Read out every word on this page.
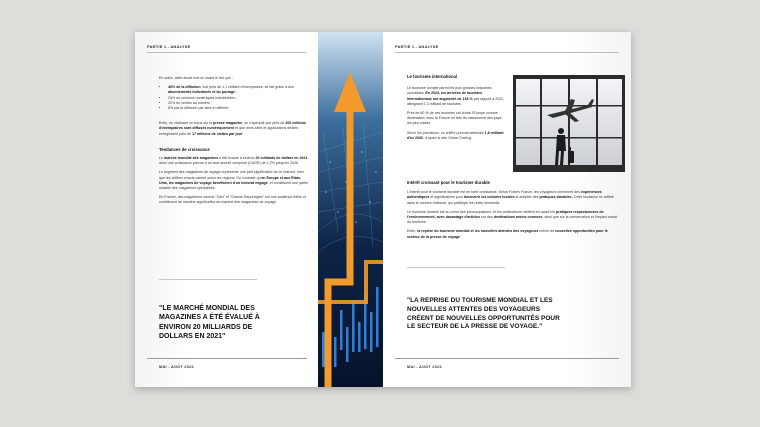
PARTIE 1 - ANALYSE

En outre, cette étude met en avant le fait que :

• 46% de la diffusion, soit près de 1,1 milliard d'exemplaires, se fait grâce à des abonnements individuels et du portage ;
• 24% en versions numériques individuelles ;
• 22% en ventes au numéro ;
• 8% par la diffusion par tiers et différée.

Enfin, en réalisant un focus sur la presse magazine, on s'aperçoit que près de 200 millions d'exemplaires sont diffusés numériquement et que leurs sites et applications dédiés enregistrent près de 17 millions de visites par jour.

Tendances de croissance

Le marché mondial des magazines a été évalué à environ 20 milliards de dollars en 2021, avec une croissance prévue à un taux annuel composé (CAGR) de 1,2% jusqu'en 2026.

Le segment des magazines de voyage représente une part significative de ce marché, bien que les chiffres exacts varient selon les régions. On constate qu'en Europe et aux États-Unis, les magazines de voyage bénéficient d'un lectorat engagé, et constituent une partie notable des magazines spécialisés.

En France, des magazines comme "Géo" et "Grands Reportages" ont une audience fidèle et contribuent de manière significative au marché des magazines de voyage.

"LE MARCHÉ MONDIAL DES MAGAZINES A ÉTÉ ÉVALUÉ À ENVIRON 20 MILLIARDS DE DOLLARS EN 2021"
MAI - AOÛT 2024
PARTIE 1 - ANALYSE
Le tourisme international

Le tourisme compte parmi les plus grosses industries mondiales. En 2023, les arrivées de touristes internationaux ont augmenté de 133 % par rapport à 2022, atteignant 1,3 milliard de touristes.

Près de 60 % de ces touristes ont choisi l'Europe comme destination, avec la France en tête du classement des pays les plus visités.

Selon les prévisions, ce chiffre pourrait atteindre 1,8 milliard d'ici 2030, d'après le site Globe-Trotting.

Intérêt croissant pour le tourisme durable

L'intérêt pour le tourisme durable est en forte croissance. Selon Forbes France, les voyageurs cherchent des expériences authentiques et significatives pour découvrir les cultures locales et adopter des pratiques durables. Cette tendance se reflète dans le contenu éditorial, qui privilégie les récits immersifs.

Le tourisme durable est au cœur des préoccupations, et les publications mettent en avant les pratiques respectueuses de l'environnement, avec davantage d'articles sur des destinations moins connues, ainsi que sur la conservation et l'impact social du tourisme.

Enfin, la reprise du tourisme mondial et les nouvelles attentes des voyageurs créent de nouvelles opportunités pour le secteur de la presse de voyage.

"LA REPRISE DU TOURISME MONDIAL ET LES NOUVELLES ATTENTES DES VOYAGEURS CRÉENT DE NOUVELLES OPPORTUNITÉS POUR LE SECTEUR DE LA PRESSE DE VOYAGE."
MAI - AOÛT 2024
